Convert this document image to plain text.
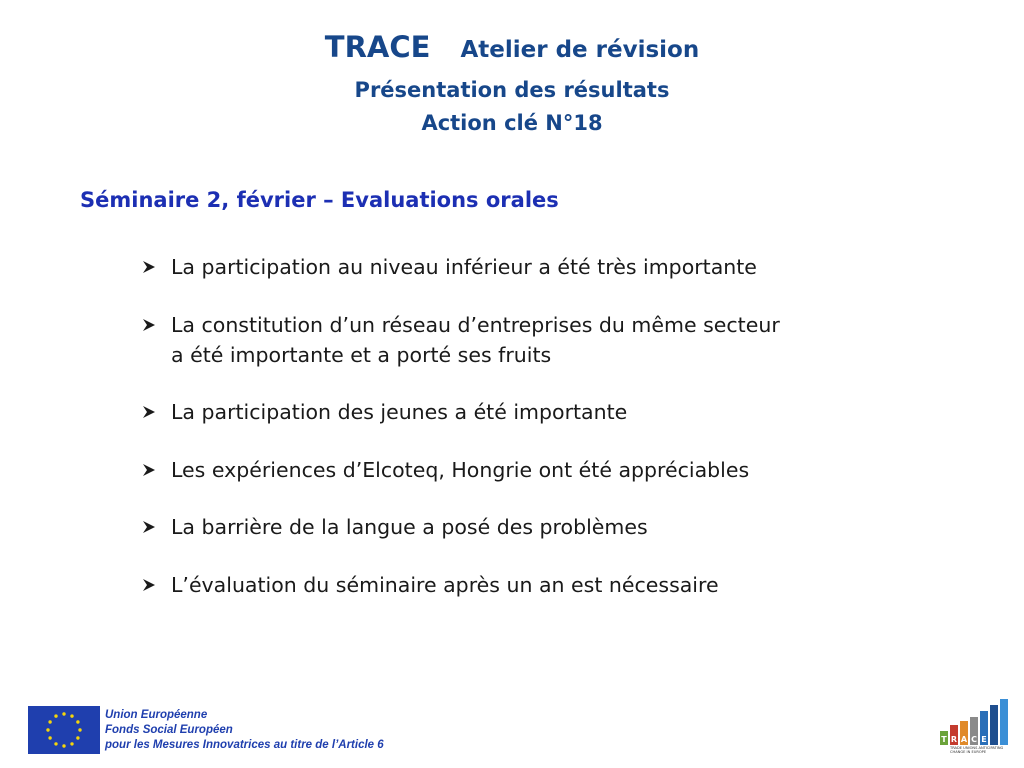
TRACE Atelier de révision
Présentation des résultats
Action clé N°18
Séminaire 2, février – Evaluations orales
La participation au niveau inférieur a été très importante
La constitution d’un réseau d’entreprises du même secteur
a été importante et a porté ses fruits
La participation des jeunes a été importante
Les expériences d’Elcoteq, Hongrie ont été appréciables
La barrière de la langue a posé des problèmes
L’évaluation du séminaire après un an est nécessaire
Union Européenne
Fonds Social Européen
pour les Mesures Innovatrices au titre de l’Article 6	T R A C E
TRADE UNIONS ANTICIPATING
CHANGE IN EUROPE
